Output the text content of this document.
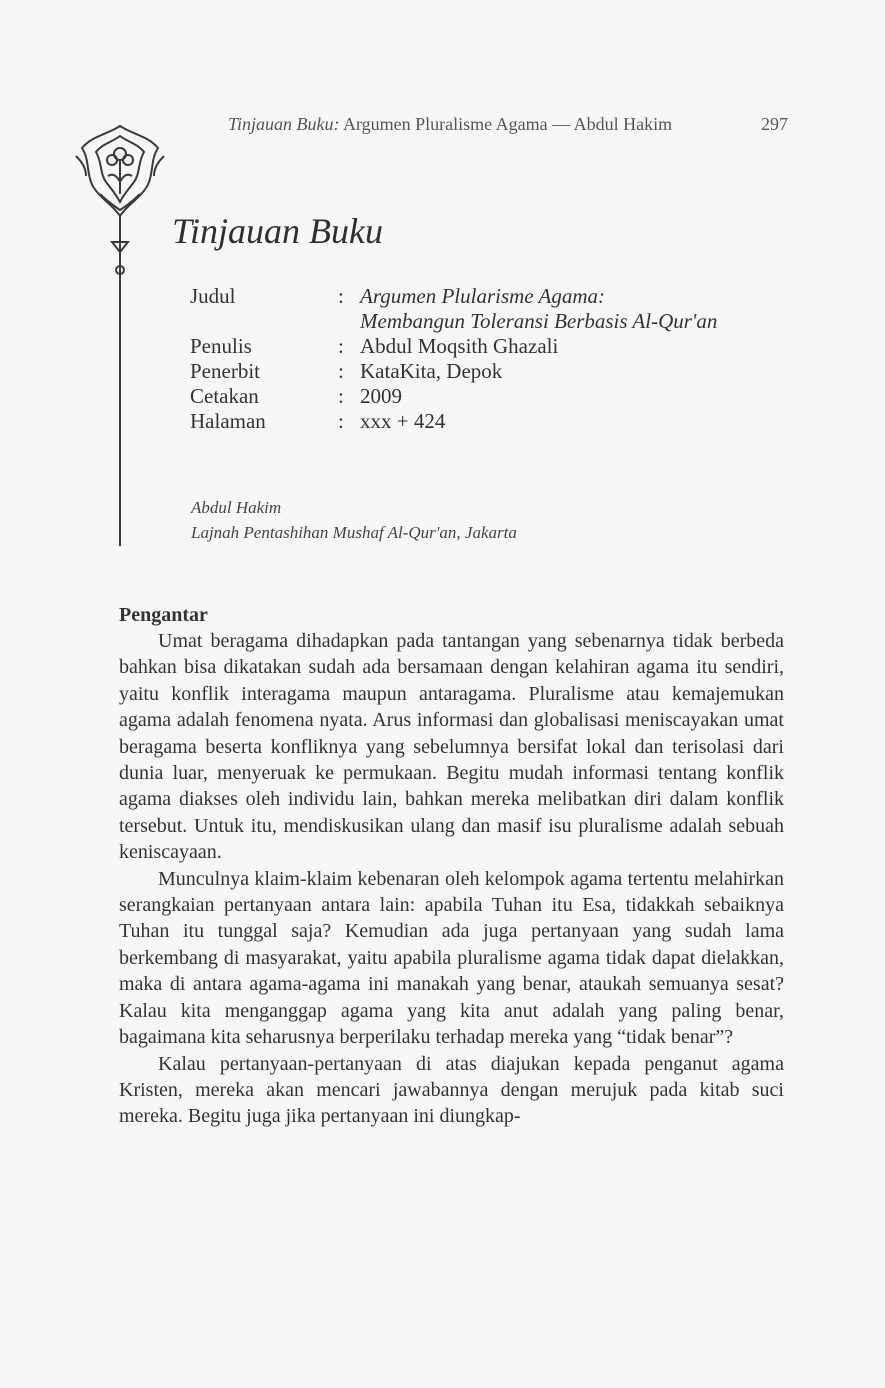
Tinjauan Buku: Argumen Pluralisme Agama — Abdul Hakim	297
Tinjauan Buku
Judul	: Argumen Plularisme Agama:
Membangun Toleransi Berbasis Al-Qur'an
Penulis	: Abdul Moqsith Ghazali
Penerbit	: KataKita, Depok
Cetakan	: 2009
Halaman	: xxx + 424
Abdul Hakim
Lajnah Pentashihan Mushaf Al-Qur'an, Jakarta
Pengantar

Umat beragama dihadapkan pada tantangan yang sebenarnya tidak berbeda bahkan bisa dikatakan sudah ada bersamaan dengan kelahiran agama itu sendiri, yaitu konflik interagama maupun antaragama. Pluralisme atau kemajemukan agama adalah fenomena nyata. Arus informasi dan globalisasi meniscayakan umat beragama beserta konfliknya yang sebelumnya bersifat lokal dan terisolasi dari dunia luar, menyeruak ke permukaan. Begitu mudah informasi tentang konflik agama diakses oleh individu lain, bahkan mereka melibatkan diri dalam konflik tersebut. Untuk itu, mendiskusikan ulang dan masif isu pluralisme adalah sebuah keniscayaan.

Munculnya klaim-klaim kebenaran oleh kelompok agama tertentu melahirkan serangkaian pertanyaan antara lain: apabila Tuhan itu Esa, tidakkah sebaiknya Tuhan itu tunggal saja? Kemudian ada juga pertanyaan yang sudah lama berkembang di masyarakat, yaitu apabila pluralisme agama tidak dapat dielakkan, maka di antara agama-agama ini manakah yang benar, ataukah semuanya sesat? Kalau kita menganggap agama yang kita anut adalah yang paling benar, bagaimana kita seharusnya berperilaku terhadap mereka yang “tidak benar”?

Kalau pertanyaan-pertanyaan di atas diajukan kepada penganut agama Kristen, mereka akan mencari jawabannya dengan merujuk pada kitab suci mereka. Begitu juga jika pertanyaan ini diungkap-
